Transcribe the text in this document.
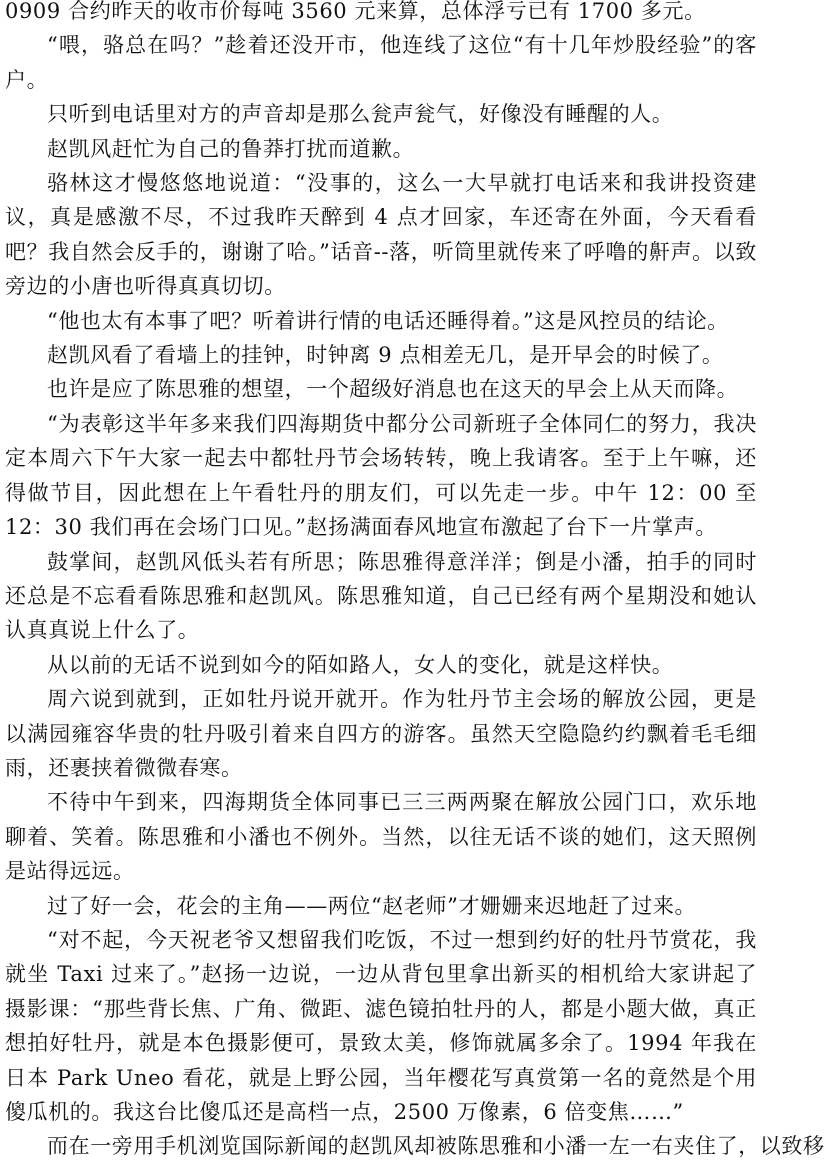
0909 合约昨天的收市价每吨 3560 元来算，总体浮亏已有 1700 多元。

“喂，骆总在吗？”趁着还没开市，他连线了这位“有十几年炒股经验”的客户。

只听到电话里对方的声音却是那么瓮声瓮气，好像没有睡醒的人。

赵凯风赶忙为自己的鲁莽打扰而道歉。

骆林这才慢悠悠地说道：“没事的，这么一大早就打电话来和我讲投资建议，真是感激不尽，不过我昨天醉到 4 点才回家，车还寄在外面，今天看看吧？我自然会反手的，谢谢了哈。”话音--落，听筒里就传来了呼噜的鼾声。以致旁边的小唐也听得真真切切。

“他也太有本事了吧？听着讲行情的电话还睡得着。”这是风控员的结论。

赵凯风看了看墙上的挂钟，时钟离 9 点相差无几，是开早会的时候了。

也许是应了陈思雅的想望，一个超级好消息也在这天的早会上从天而降。

“为表彰这半年多来我们四海期货中都分公司新班子全体同仁的努力，我决定本周六下午大家一起去中都牡丹节会场转转，晚上我请客。至于上午嘛，还得做节目，因此想在上午看牡丹的朋友们，可以先走一步。中午 12：00 至 12：30 我们再在会场门口见。”赵扬满面春风地宣布激起了台下一片掌声。

鼓掌间，赵凯风低头若有所思；陈思雅得意洋洋；倒是小潘，拍手的同时还总是不忘看看陈思雅和赵凯风。陈思雅知道，自己已经有两个星期没和她认认真真说上什么了。

从以前的无话不说到如今的陌如路人，女人的变化，就是这样快。

周六说到就到，正如牡丹说开就开。作为牡丹节主会场的解放公园，更是以满园雍容华贵的牡丹吸引着来自四方的游客。虽然天空隐隐约约飘着毛毛细雨，还裹挟着微微春寒。

不待中午到来，四海期货全体同事已三三两两聚在解放公园门口，欢乐地聊着、笑着。陈思雅和小潘也不例外。当然，以往无话不谈的她们，这天照例是站得远远。

过了好一会，花会的主角——两位“赵老师”才姗姗来迟地赶了过来。

“对不起，今天祝老爷又想留我们吃饭，不过一想到约好的牡丹节赏花，我就坐 Taxi 过来了。”赵扬一边说，一边从背包里拿出新买的相机给大家讲起了摄影课：“那些背长焦、广角、微距、滤色镜拍牡丹的人，都是小题大做，真正想拍好牡丹，就是本色摄影便可，景致太美，修饰就属多余了。1994 年我在日本 Park Uneo 看花，就是上野公园，当年樱花写真赏第一名的竟然是个用傻瓜机的。我这台比傻瓜还是高档一点，2500 万像素，6 倍变焦……”

而在一旁用手机浏览国际新闻的赵凯风却被陈思雅和小潘一左一右夹住了，以致移
